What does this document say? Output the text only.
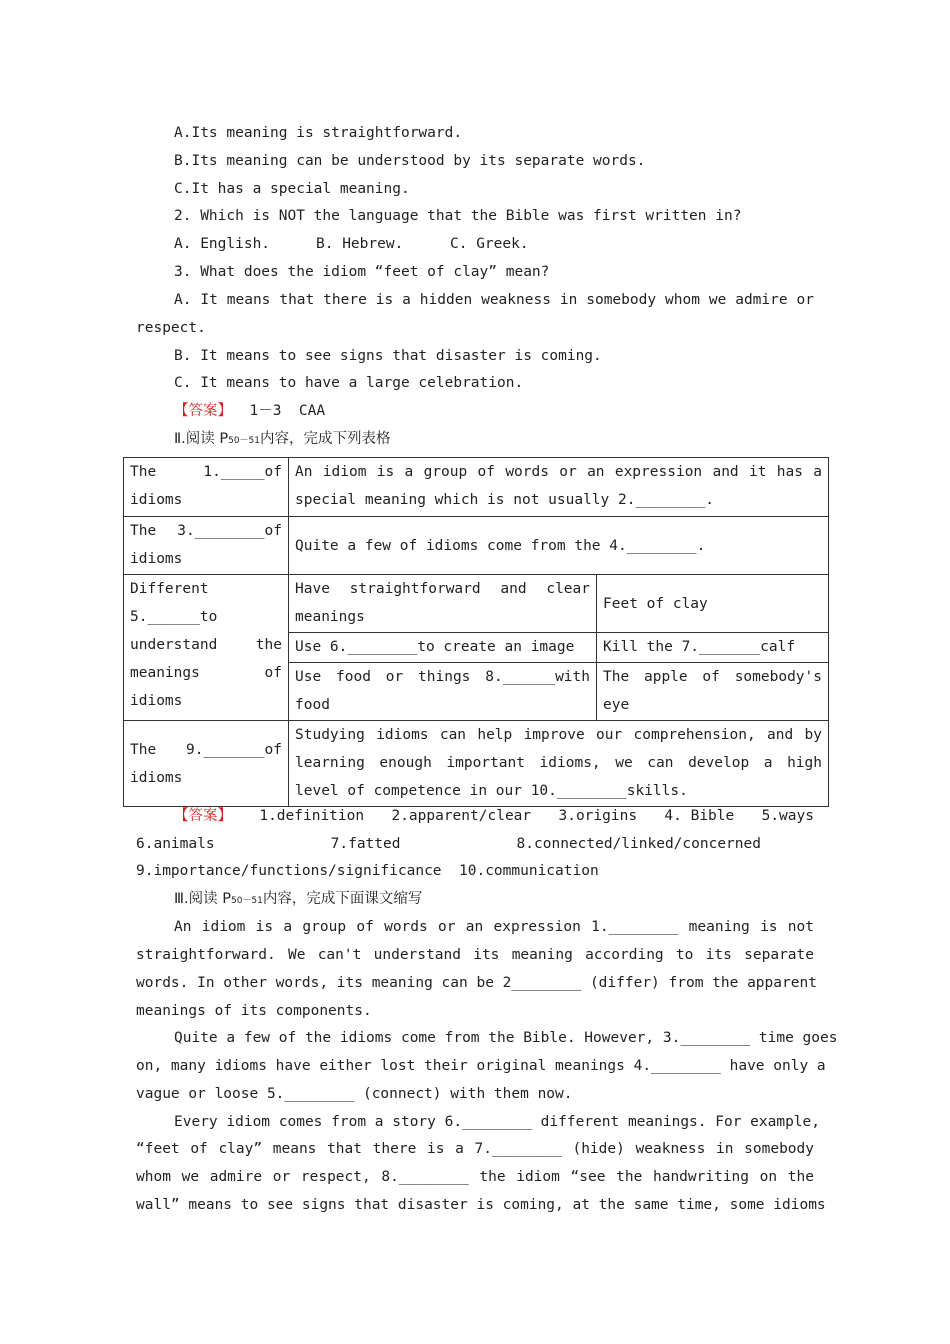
A.Its meaning is straightforward.
B.Its meaning can be understood by its separate words.
C.It has a special meaning.
2. Which is NOT the language that the Bible was first written in?
A. English.	B. Hebrew.	C. Greek.
3. What does the idiom “feet of clay” mean?
A. It means that there is a hidden weakness in somebody whom we admire or
respect.
B. It means to see signs that disaster is coming.
C. It means to have a large celebration.
【答案】 1－3  CAA
Ⅱ.阅读 P50－51内容，完成下列表格
The 1._____of idioms	An idiom is a group of words or an expression and it has a special meaning which is not usually 2.________.	
The 3.________of idioms	Quite a few of idioms come from the 4.________.	
Different 5.______to understand the meanings of idioms	Have straightforward and clear meanings	Feet of clay
	Use 6.________to create an image	Kill the 7._______calf
	Use food or things 8.______with food	The apple of somebody's eye
The 9._______of idioms	Studying idioms can help improve our comprehension, and by learning enough important idioms, we can develop a high level of competence in our 10.________skills.	
【答案】 1.definition 2.apparent/clear 3.origins 4. Bible 5.ways
6.animals	7.fatted	8.connected/linked/concerned
9.importance/functions/significance  10.communication
Ⅲ.阅读 P50－51内容，完成下面课文缩写
An idiom is a group of words or an expression 1.________ meaning is not
straightforward. We can't understand its meaning according to its separate
words. In other words, its meaning can be 2________ (differ) from the apparent
meanings of its components.
Quite a few of the idioms come from the Bible. However, 3.________ time goes
on, many idioms have either lost their original meanings 4.________ have only a
vague or loose 5.________ (connect) with them now.
Every idiom comes from a story 6.________ different meanings. For example,
“feet of clay” means that there is a 7.________ (hide) weakness in somebody
whom we admire or respect, 8.________ the idiom “see the handwriting on the
wall” means to see signs that disaster is coming, at the same time, some idioms
